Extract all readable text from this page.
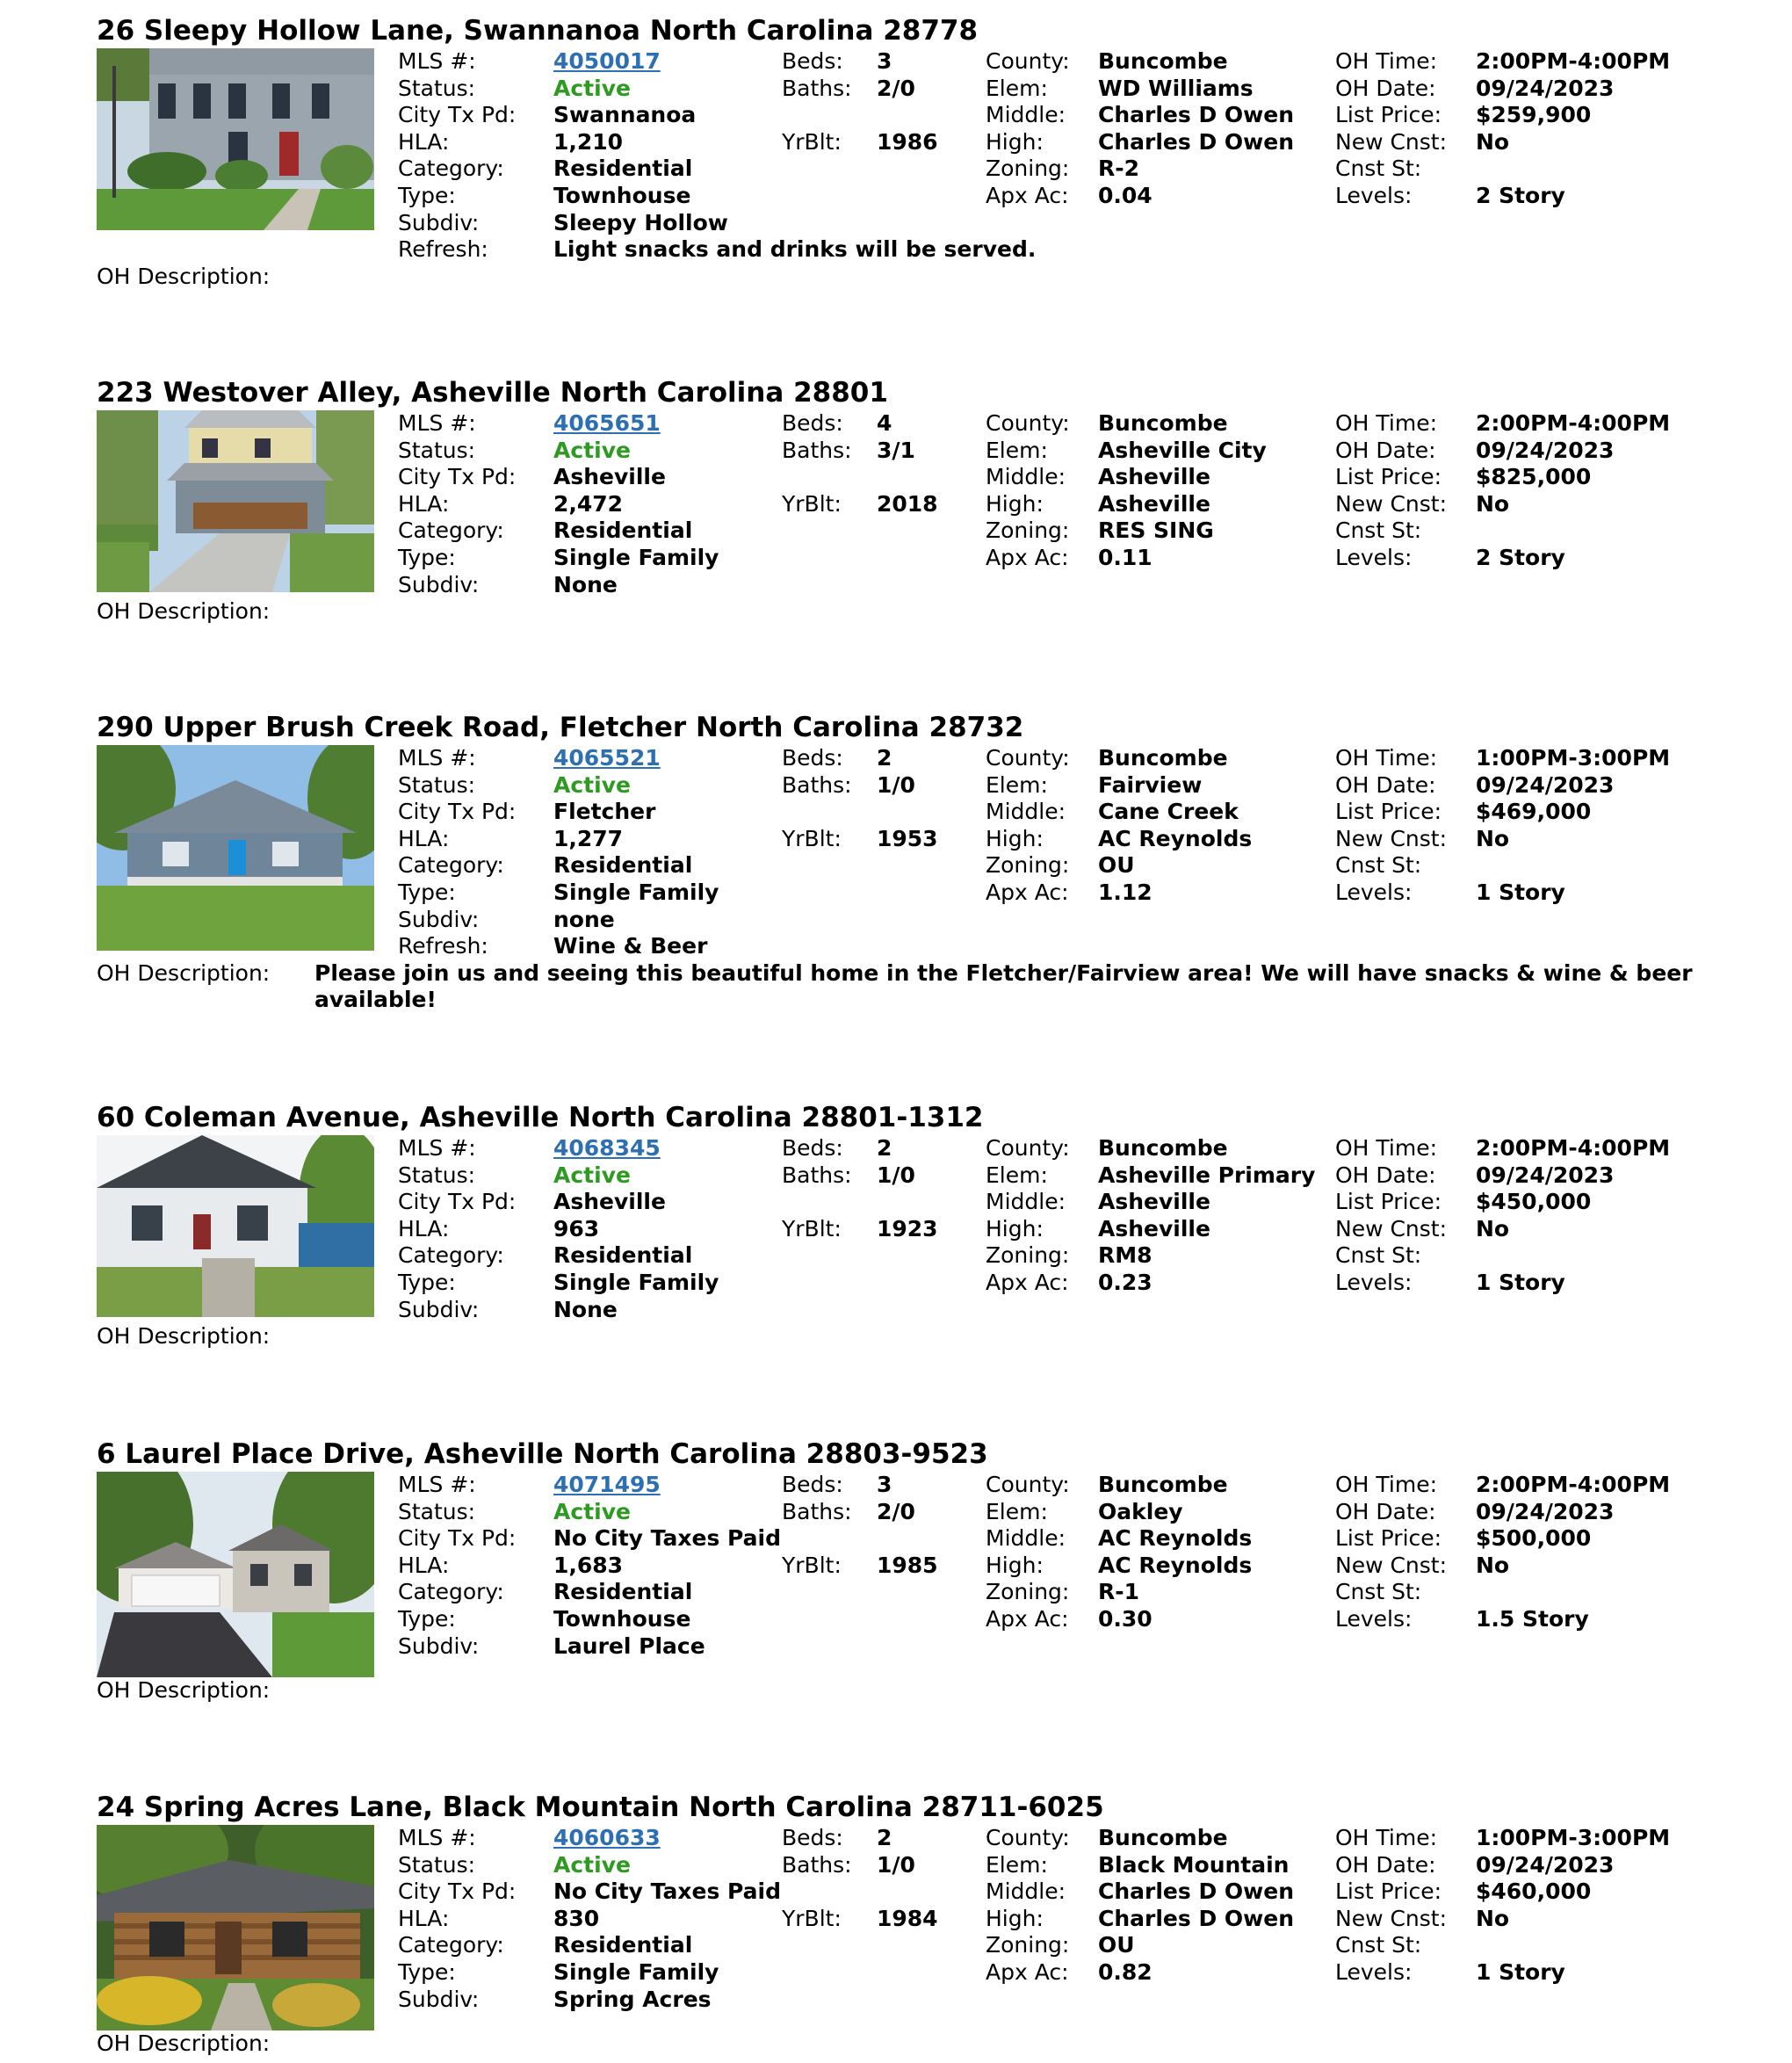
26 Sleepy Hollow Lane, Swannanoa North Carolina 28778
MLS #:	4050017
Status:	Active
City Tx Pd: Swannanoa
HLA:	1,210
Category: Residential
Type:	Townhouse
Subdiv:	Sleepy Hollow
Refresh:	Light snacks and drinks will be served.
Beds: 3
Baths: 2/0
YrBlt: 1986
County: Buncombe
Elem: WD Williams
Middle: Charles D Owen
High: Charles D Owen
Zoning: R-2
Apx Ac: 0.04
OH Time: 2:00PM-4:00PM
OH Date: 09/24/2023
List Price: $259,900
New Cnst: No
Cnst St:
Levels:	2 Story
OH Description:
223 Westover Alley, Asheville North Carolina 28801
MLS #:	4065651
Status:	Active
City Tx Pd: Asheville
HLA:	2,472
Category: Residential
Type:	Single Family
Subdiv:	None
Beds: 4
Baths: 3/1
YrBlt: 2018
County: Buncombe
Elem: Asheville City
Middle: Asheville
High: Asheville
Zoning: RES SING
Apx Ac: 0.11
OH Time: 2:00PM-4:00PM
OH Date: 09/24/2023
List Price: $825,000
New Cnst: No
Cnst St:
Levels:	2 Story
OH Description:
290 Upper Brush Creek Road, Fletcher North Carolina 28732
MLS #:	4065521
Status:	Active
City Tx Pd: Fletcher
HLA:	1,277
Category: Residential
Type:	Single Family
Subdiv:	none
Refresh:	Wine & Beer
Beds: 2
Baths: 1/0
YrBlt: 1953
County: Buncombe
Elem: Fairview
Middle: Cane Creek
High: AC Reynolds
Zoning: OU
Apx Ac: 1.12
OH Time: 1:00PM-3:00PM
OH Date: 09/24/2023
List Price: $469,000
New Cnst: No
Cnst St:
Levels:	1 Story
OH Description: Please join us and seeing this beautiful home in the Fletcher/Fairview area! We will have snacks & wine & beer available!
60 Coleman Avenue, Asheville North Carolina 28801-1312
MLS #:	4068345
Status:	Active
City Tx Pd: Asheville
HLA:	963
Category: Residential
Type:	Single Family
Subdiv:	None
Beds: 2
Baths: 1/0
YrBlt: 1923
County: Buncombe
Elem: Asheville Primary
Middle: Asheville
High: Asheville
Zoning: RM8
Apx Ac: 0.23
OH Time: 2:00PM-4:00PM
OH Date: 09/24/2023
List Price: $450,000
New Cnst: No
Cnst St:
Levels:	1 Story
OH Description:
6 Laurel Place Drive, Asheville North Carolina 28803-9523
MLS #:	4071495
Status:	Active
City Tx Pd: No City Taxes Paid
HLA:	1,683
Category: Residential
Type:	Townhouse
Subdiv:	Laurel Place
Beds: 3
Baths: 2/0
YrBlt: 1985
County: Buncombe
Elem: Oakley
Middle: AC Reynolds
High: AC Reynolds
Zoning: R-1
Apx Ac: 0.30
OH Time: 2:00PM-4:00PM
OH Date: 09/24/2023
List Price: $500,000
New Cnst: No
Cnst St:
Levels:	1.5 Story
OH Description:
24 Spring Acres Lane, Black Mountain North Carolina 28711-6025
MLS #:	4060633
Status:	Active
City Tx Pd: No City Taxes Paid
HLA:	830
Category: Residential
Type:	Single Family
Subdiv:	Spring Acres
Beds: 2
Baths: 1/0
YrBlt: 1984
County: Buncombe
Elem: Black Mountain
Middle: Charles D Owen
High: Charles D Owen
Zoning: OU
Apx Ac: 0.82
OH Time: 1:00PM-3:00PM
OH Date: 09/24/2023
List Price: $460,000
New Cnst: No
Cnst St:
Levels:	1 Story
OH Description:
